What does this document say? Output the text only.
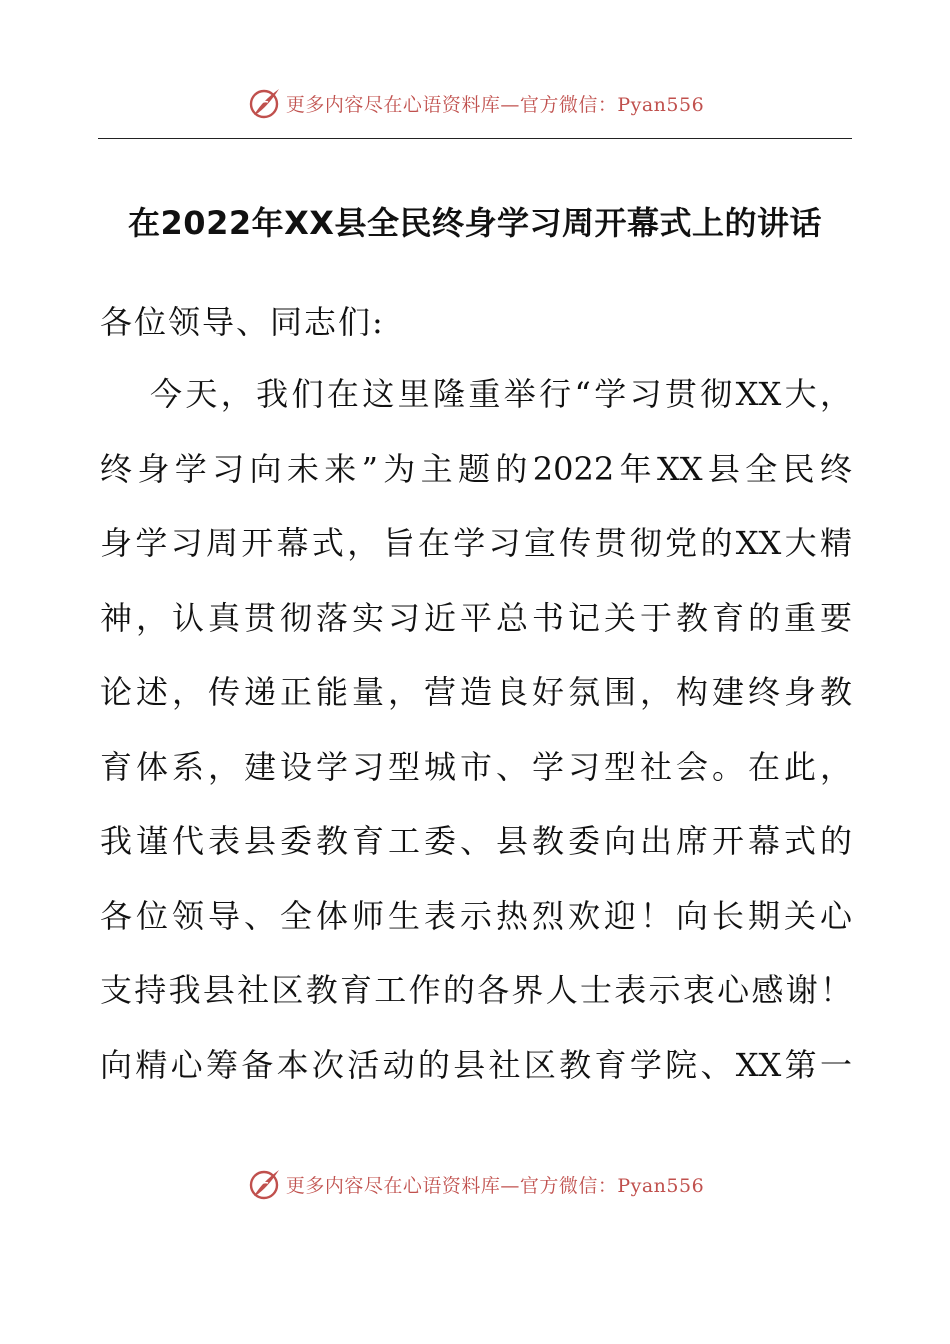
更多内容尽在心语资料库—官方微信：Pyan556
在2022年XX县全民终身学习周开幕式上的讲话

各位领导、同志们:

今天，我们在这里隆重举行“学习贯彻XX大，
终身学习向未来”为主题的2022年XX县全民终
身学习周开幕式，旨在学习宣传贯彻党的XX大精
神，认真贯彻落实习近平总书记关于教育的重要
论述，传递正能量，营造良好氛围，构建终身教
育体系，建设学习型城市、学习型社会。在此，
我谨代表县委教育工委、县教委向出席开幕式的
各位领导、全体师生表示热烈欢迎！向长期关心
支持我县社区教育工作的各界人士表示衷心感谢！
向精心筹备本次活动的县社区教育学院、XX第一
更多内容尽在心语资料库—官方微信：Pyan556
